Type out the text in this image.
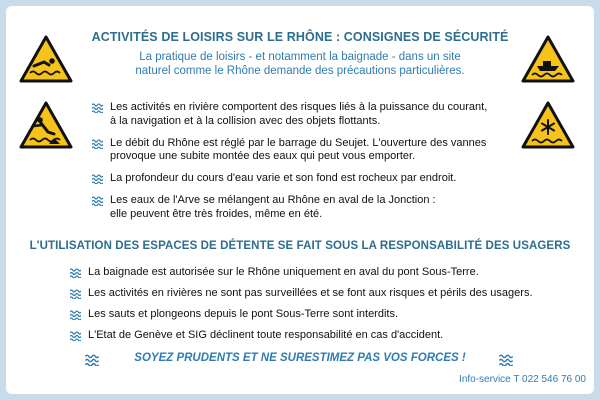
ACTIVITÉS DE LOISIRS SUR LE RHÔNE : CONSIGNES DE SÉCURITÉ
La pratique de loisirs - et notamment la baignade - dans un site
naturel comme le Rhône demande des précautions particulières.
Les activités en rivière comportent des risques liés à la puissance du courant,
à la navigation et à la collision avec des objets flottants.
Le débit du Rhône est réglé par le barrage du Seujet. L'ouverture des vannes
provoque une subite montée des eaux qui peut vous emporter.
La profondeur du cours d'eau varie et son fond est rocheux par endroit.
Les eaux de l'Arve se mélangent au Rhône en aval de la Jonction :
elle peuvent être très froides, même en été.
L'UTILISATION DES ESPACES DE DÉTENTE SE FAIT SOUS LA RESPONSABILITÉ DES USAGERS
La baignade est autorisée sur le Rhône uniquement en aval du pont Sous-Terre.
Les activités en rivières ne sont pas surveillées et se font aux risques et périls des usagers.
Les sauts et plongeons depuis le pont Sous-Terre sont interdits.
L'Etat de Genève et SIG déclinent toute responsabilité en cas d'accident.
SOYEZ PRUDENTS ET NE SURESTIMEZ PAS VOS FORCES !
Info-service T 022 546 76 00
